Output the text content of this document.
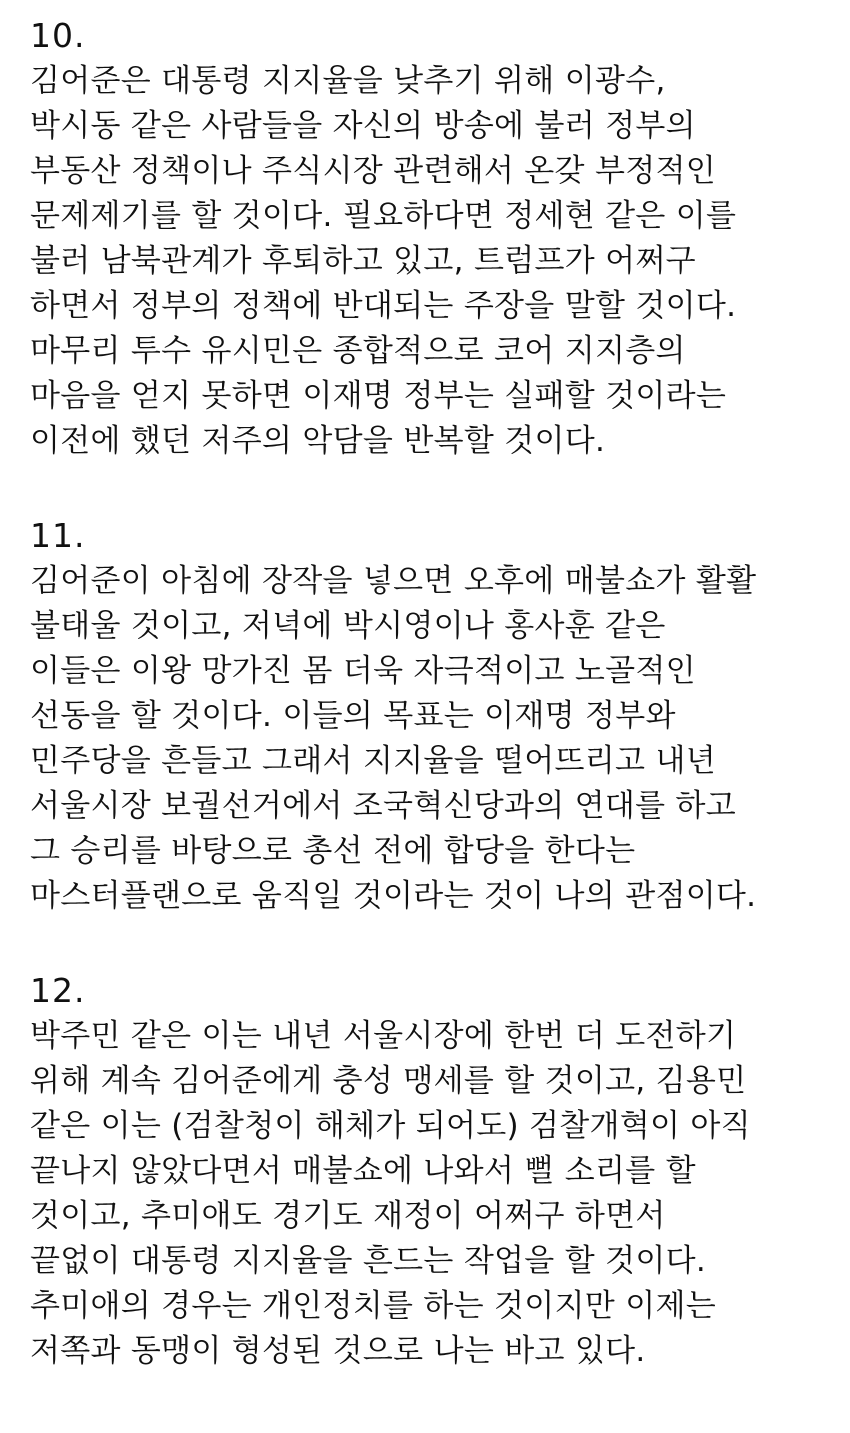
10.
김어준은 대통령 지지율을 낮추기 위해 이광수,
박시동 같은 사람들을 자신의 방송에 불러 정부의
부동산 정책이나 주식시장 관련해서 온갖 부정적인
문제제기를 할 것이다. 필요하다면 정세현 같은 이를
불러 남북관계가 후퇴하고 있고, 트럼프가 어쩌구
하면서 정부의 정책에 반대되는 주장을 말할 것이다.
마무리 투수 유시민은 종합적으로 코어 지지층의
마음을 얻지 못하면 이재명 정부는 실패할 것이라는
이전에 했던 저주의 악담을 반복할 것이다.
11.
김어준이 아침에 장작을 넣으면 오후에 매불쇼가 활활
불태울 것이고, 저녁에 박시영이나 홍사훈 같은
이들은 이왕 망가진 몸 더욱 자극적이고 노골적인
선동을 할 것이다. 이들의 목표는 이재명 정부와
민주당을 흔들고 그래서 지지율을 떨어뜨리고 내년
서울시장 보궐선거에서 조국혁신당과의 연대를 하고
그 승리를 바탕으로 총선 전에 합당을 한다는
마스터플랜으로 움직일 것이라는 것이 나의 관점이다.
12.
박주민 같은 이는 내년 서울시장에 한번 더 도전하기
위해 계속 김어준에게 충성 맹세를 할 것이고, 김용민
같은 이는 (검찰청이 해체가 되어도) 검찰개혁이 아직
끝나지 않았다면서 매불쇼에 나와서 뻘 소리를 할
것이고, 추미애도 경기도 재정이 어쩌구 하면서
끝없이 대통령 지지율을 흔드는 작업을 할 것이다.
추미애의 경우는 개인정치를 하는 것이지만 이제는
저쪽과 동맹이 형성된 것으로 나는 바고 있다.
